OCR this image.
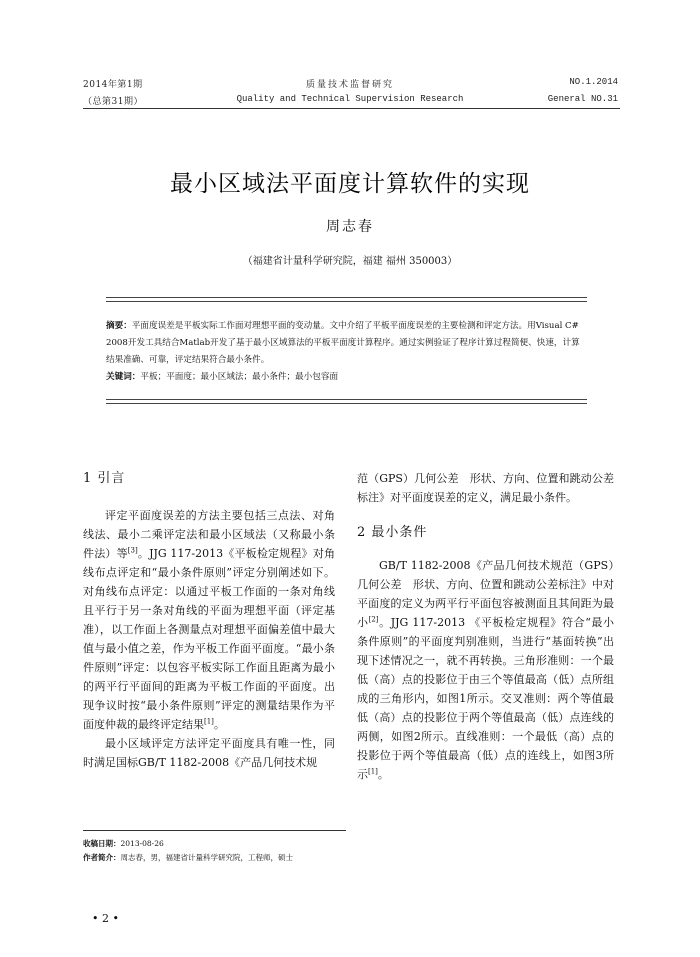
2014年第1期
（总第31期）
质量技术监督研究
Quality and Technical Supervision Research
NO.1.2014
General NO.31
最小区域法平面度计算软件的实现
周志春
（福建省计量科学研究院，福建 福州 350003）

摘要：平面度误差是平板实际工作面对理想平面的变动量。文中介绍了平板平面度误差的主要检测和评定方法。用Visual C# 2008开发工具结合Matlab开发了基于最小区域算法的平板平面度计算程序。通过实例验证了程序计算过程简便、快速，计算结果准确、可靠，评定结果符合最小条件。

关键词：平板；平面度；最小区域法；最小条件；最小包容面

1 引言

评定平面度误差的方法主要包括三点法、对角线法、最小二乘评定法和最小区域法（又称最小条件法）等[3]。JJG 117-2013《平板检定规程》对角线布点评定和“最小条件原则”评定分别阐述如下。对角线布点评定：以通过平板工作面的一条对角线且平行于另一条对角线的平面为理想平面（评定基准），以工作面上各测量点对理想平面偏差值中最大值与最小值之差，作为平板工作面平面度。“最小条件原则”评定：以包容平板实际工作面且距离为最小的两平行平面间的距离为平板工作面的平面度。出现争议时按“最小条件原则”评定的测量结果作为平面度仲裁的最终评定结果[1]。

最小区域评定方法评定平面度具有唯一性，同时满足国标GB/T 1182-2008《产品几何技术规

范（GPS）几何公差　形状、方向、位置和跳动公差标注》对平面度误差的定义，满足最小条件。

2 最小条件

GB/T 1182-2008《产品几何技术规范（GPS）几何公差　形状、方向、位置和跳动公差标注》中对平面度的定义为两平行平面包容被测面且其间距为最小[2]。JJG 117-2013 《平板检定规程》符合“最小条件原则”的平面度判别准则，当进行“基面转换”出现下述情况之一，就不再转换。三角形准则：一个最低（高）点的投影位于由三个等值最高（低）点所组成的三角形内，如图1所示。交叉准则：两个等值最低（高）点的投影位于两个等值最高（低）点连线的两侧，如图2所示。直线准则：一个最低（高）点的投影位于两个等值最高（低）点的连线上，如图3所示[1]。

收稿日期：2013-08-26
作者简介：周志春，男，福建省计量科学研究院，工程师，硕士
• 2 •
